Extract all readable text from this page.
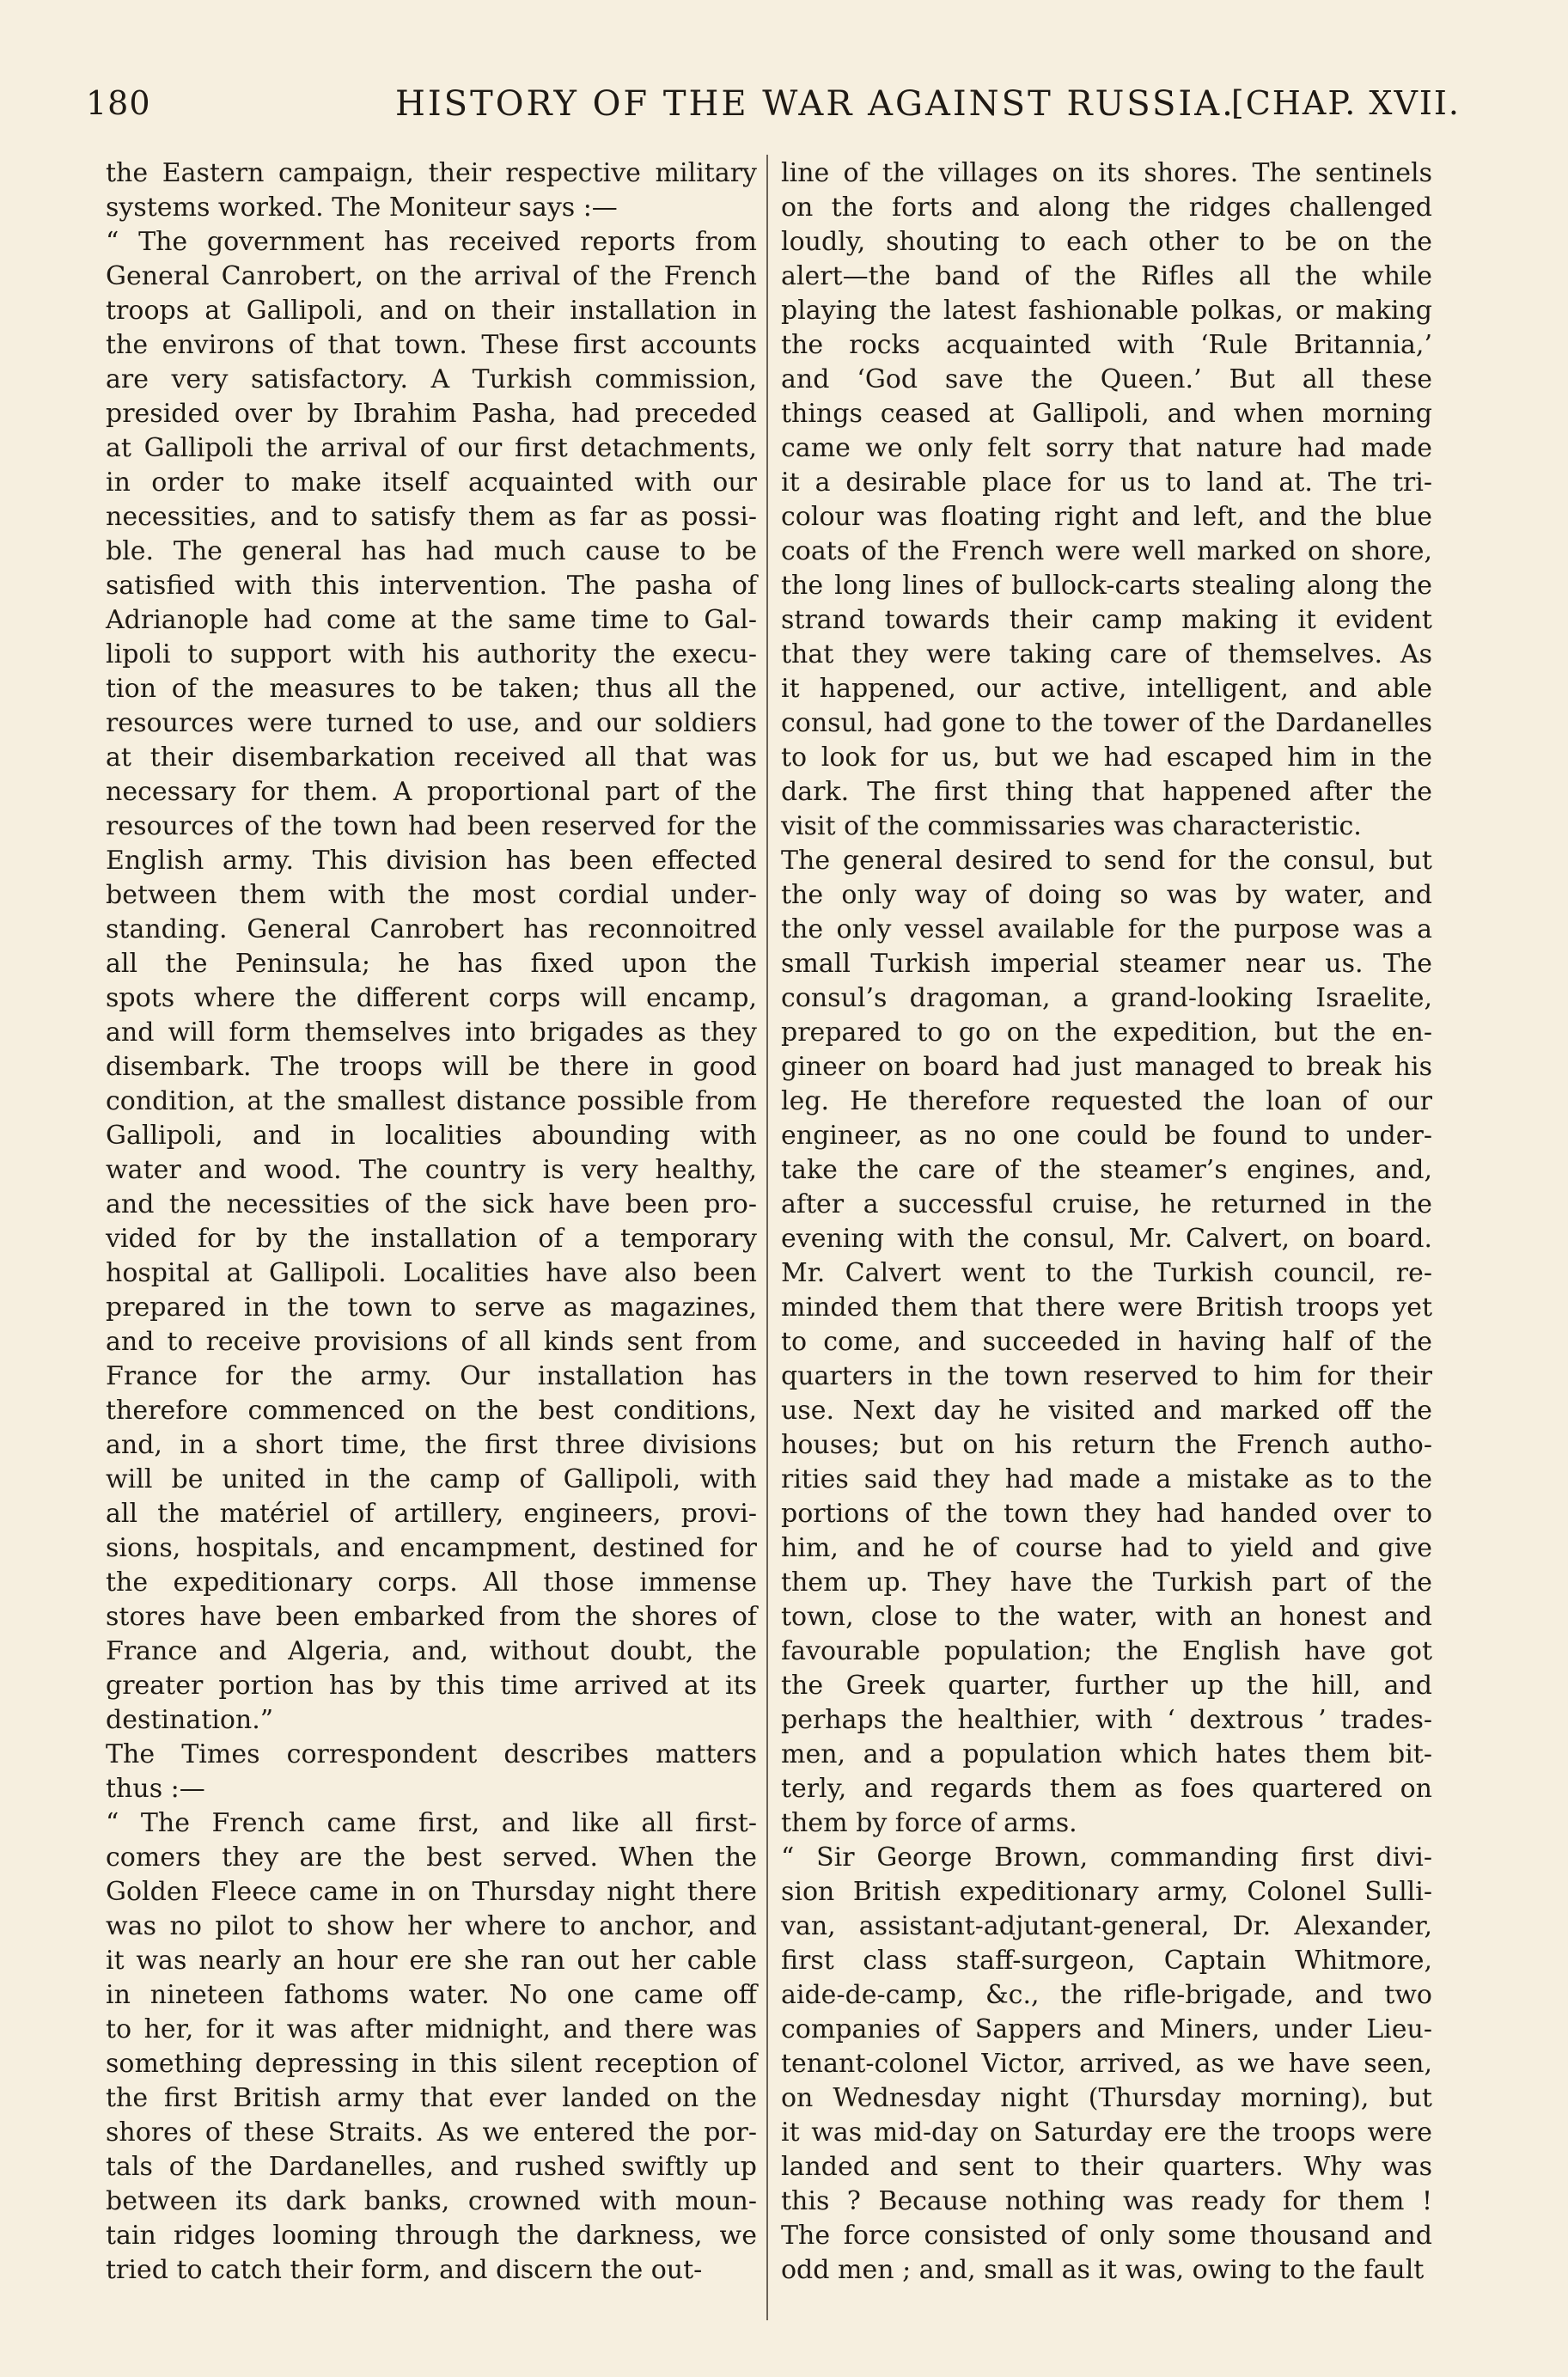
180	HISTORY OF THE WAR AGAINST RUSSIA.
[CHAP. XVII.
the Eastern campaign, their respective military
systems worked. The Moniteur says :—
“ The government has received reports from
General Canrobert, on the arrival of the French
troops at Gallipoli, and on their installation in
the environs of that town. These first accounts
are very satisfactory. A Turkish commission,
presided over by Ibrahim Pasha, had preceded
at Gallipoli the arrival of our first detachments,
in order to make itself acquainted with our
necessities, and to satisfy them as far as possi-
ble. The general has had much cause to be
satisfied with this intervention. The pasha of
Adrianople had come at the same time to Gal-
lipoli to support with his authority the execu-
tion of the measures to be taken; thus all the
resources were turned to use, and our soldiers
at their disembarkation received all that was
necessary for them. A proportional part of the
resources of the town had been reserved for the
English army. This division has been effected
between them with the most cordial under-
standing. General Canrobert has reconnoitred
all the Peninsula; he has fixed upon the
spots where the different corps will encamp,
and will form themselves into brigades as they
disembark. The troops will be there in good
condition, at the smallest distance possible from
Gallipoli, and in localities abounding with
water and wood. The country is very healthy,
and the necessities of the sick have been pro-
vided for by the installation of a temporary
hospital at Gallipoli. Localities have also been
prepared in the town to serve as magazines,
and to receive provisions of all kinds sent from
France for the army. Our installation has
therefore commenced on the best conditions,
and, in a short time, the first three divisions
will be united in the camp of Gallipoli, with
all the matériel of artillery, engineers, provi-
sions, hospitals, and encampment, destined for
the expeditionary corps. All those immense
stores have been embarked from the shores of
France and Algeria, and, without doubt, the
greater portion has by this time arrived at its
destination.”
The Times correspondent describes matters
thus :—
“ The French came first, and like all first-
comers they are the best served. When the
Golden Fleece came in on Thursday night there
was no pilot to show her where to anchor, and
it was nearly an hour ere she ran out her cable
in nineteen fathoms water. No one came off
to her, for it was after midnight, and there was
something depressing in this silent reception of
the first British army that ever landed on the
shores of these Straits. As we entered the por-
tals of the Dardanelles, and rushed swiftly up
between its dark banks, crowned with moun-
tain ridges looming through the darkness, we
tried to catch their form, and discern the out-
line of the villages on its shores. The sentinels
on the forts and along the ridges challenged
loudly, shouting to each other to be on the
alert—the band of the Rifles all the while
playing the latest fashionable polkas, or making
the rocks acquainted with ‘Rule Britannia,’
and ‘God save the Queen.’ But all these
things ceased at Gallipoli, and when morning
came we only felt sorry that nature had made
it a desirable place for us to land at. The tri-
colour was floating right and left, and the blue
coats of the French were well marked on shore,
the long lines of bullock-carts stealing along the
strand towards their camp making it evident
that they were taking care of themselves. As
it happened, our active, intelligent, and able
consul, had gone to the tower of the Dardanelles
to look for us, but we had escaped him in the
dark. The first thing that happened after the
visit of the commissaries was characteristic.
The general desired to send for the consul, but
the only way of doing so was by water, and
the only vessel available for the purpose was a
small Turkish imperial steamer near us. The
consul’s dragoman, a grand-looking Israelite,
prepared to go on the expedition, but the en-
gineer on board had just managed to break his
leg. He therefore requested the loan of our
engineer, as no one could be found to under-
take the care of the steamer’s engines, and,
after a successful cruise, he returned in the
evening with the consul, Mr. Calvert, on board.
Mr. Calvert went to the Turkish council, re-
minded them that there were British troops yet
to come, and succeeded in having half of the
quarters in the town reserved to him for their
use. Next day he visited and marked off the
houses; but on his return the French autho-
rities said they had made a mistake as to the
portions of the town they had handed over to
him, and he of course had to yield and give
them up. They have the Turkish part of the
town, close to the water, with an honest and
favourable population; the English have got
the Greek quarter, further up the hill, and
perhaps the healthier, with ‘ dextrous ’ trades-
men, and a population which hates them bit-
terly, and regards them as foes quartered on
them by force of arms.
“ Sir George Brown, commanding first divi-
sion British expeditionary army, Colonel Sulli-
van, assistant-adjutant-general, Dr. Alexander,
first class staff-surgeon, Captain Whitmore,
aide-de-camp, &c., the rifle-brigade, and two
companies of Sappers and Miners, under Lieu-
tenant-colonel Victor, arrived, as we have seen,
on Wednesday night (Thursday morning), but
it was mid-day on Saturday ere the troops were
landed and sent to their quarters. Why was
this ? Because nothing was ready for them !
The force consisted of only some thousand and
odd men ; and, small as it was, owing to the fault
